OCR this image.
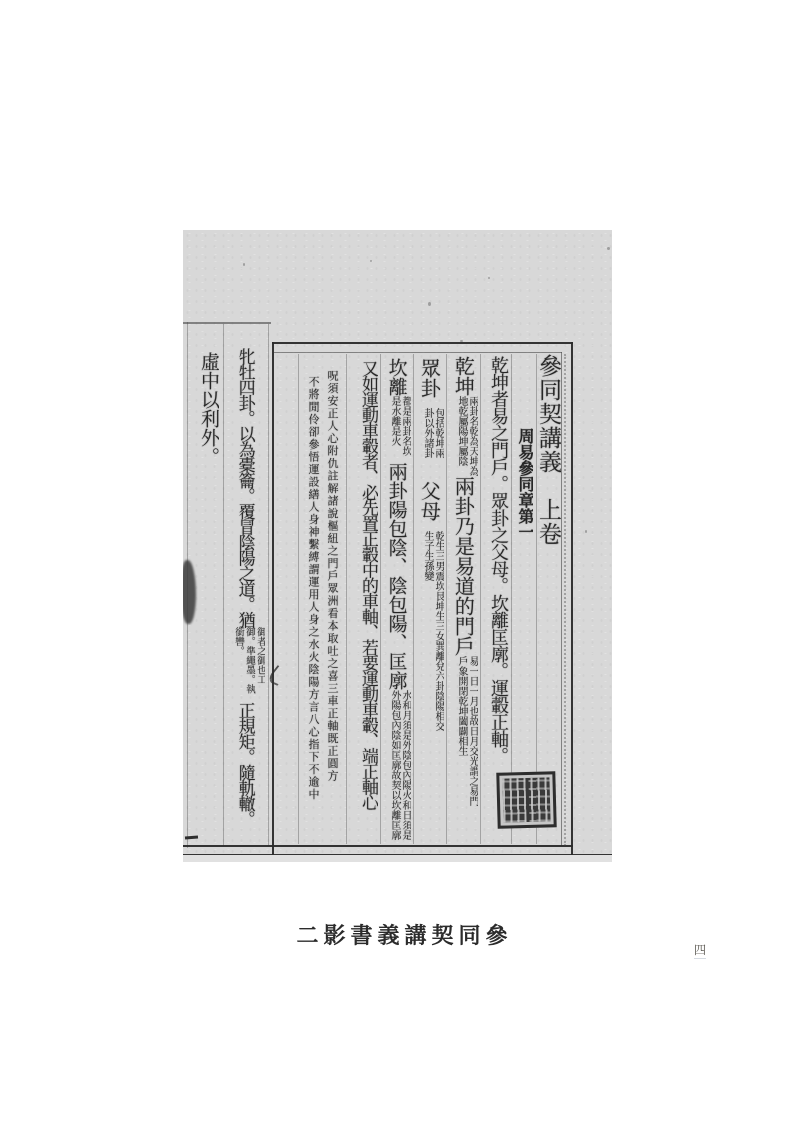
虛中以利外。 牝牡四卦。以為橐籥。覆冒陰陽之道。猶御者之御也工御。準繩墨。執銜轡。正規矩。隨軌轍。
參同契講義　上卷
周易參同章第一
乾坤者易之門戶。眾卦之父母。坎離匡廓。運轂正軸。
乾坤兩卦名乾為天坤為地乾屬陽坤屬陰兩卦乃是易道的門戶易一日一月也故日月交光謂之易門戶象開閉乾坤闔闢相生
眾卦包括乾坤兩卦以外諸卦父母乾生三男震坎艮坤生三女巽離兌六卦陰陽相交生子生孫變
坎離都是兩卦名坎是水離是火兩卦陽包陰、陰包陽、匡廓水和月須是外陰包內陽火和日須是外陽包內陰如匡廓故契以坎離匡廓
又如運動車轂者、必先置正轂中的車軸、若要運動車轂、端正軸心
呪須安正人心附仇註解諸說樞紐之門戶眾洲看本取吐之喜三車正軸既正圓方
不將閒伶卻參悟運設繕人身神繫縛謂運用人身之水火陰陽方言八心指下不逾中
二影書義講契同參
四
